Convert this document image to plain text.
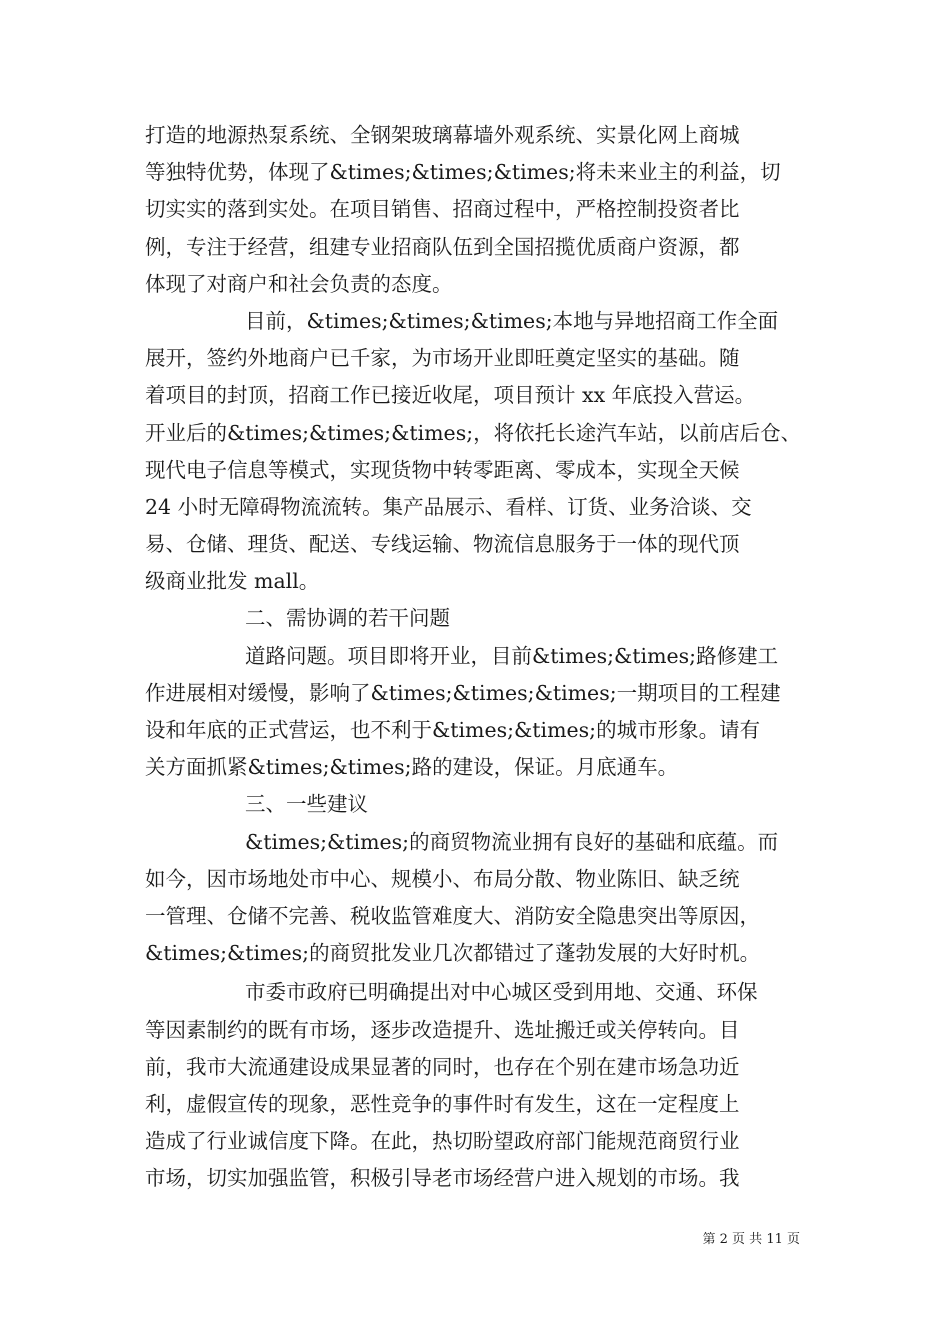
打造的地源热泵系统、全钢架玻璃幕墙外观系统、实景化网上商城
等独特优势，体现了&times;&times;&times;将未来业主的利益，切
切实实的落到实处。在项目销售、招商过程中，严格控制投资者比
例，专注于经营，组建专业招商队伍到全国招揽优质商户资源，都
体现了对商户和社会负责的态度。
目前，&times;&times;&times;本地与异地招商工作全面
展开，签约外地商户已千家，为市场开业即旺奠定坚实的基础。随
着项目的封顶，招商工作已接近收尾，项目预计 xx 年底投入营运。
开业后的&times;&times;&times;，将依托长途汽车站，以前店后仓、
现代电子信息等模式，实现货物中转零距离、零成本，实现全天候
24 小时无障碍物流流转。集产品展示、看样、订货、业务洽谈、交
易、仓储、理货、配送、专线运输、物流信息服务于一体的现代顶
级商业批发 mall。
二、需协调的若干问题
道路问题。项目即将开业，目前&times;&times;路修建工
作进展相对缓慢，影响了&times;&times;&times;一期项目的工程建
设和年底的正式营运，也不利于&times;&times;的城市形象。请有
关方面抓紧&times;&times;路的建设，保证。月底通车。
三、一些建议
&times;&times;的商贸物流业拥有良好的基础和底蕴。而
如今，因市场地处市中心、规模小、布局分散、物业陈旧、缺乏统
一管理、仓储不完善、税收监管难度大、消防安全隐患突出等原因，
&times;&times;的商贸批发业几次都错过了蓬勃发展的大好时机。
市委市政府已明确提出对中心城区受到用地、交通、环保
等因素制约的既有市场，逐步改造提升、选址搬迁或关停转向。目
前，我市大流通建设成果显著的同时，也存在个别在建市场急功近
利，虚假宣传的现象，恶性竞争的事件时有发生，这在一定程度上
造成了行业诚信度下降。在此，热切盼望政府部门能规范商贸行业
市场，切实加强监管，积极引导老市场经营户进入规划的市场。我
第 2 页 共 11 页
